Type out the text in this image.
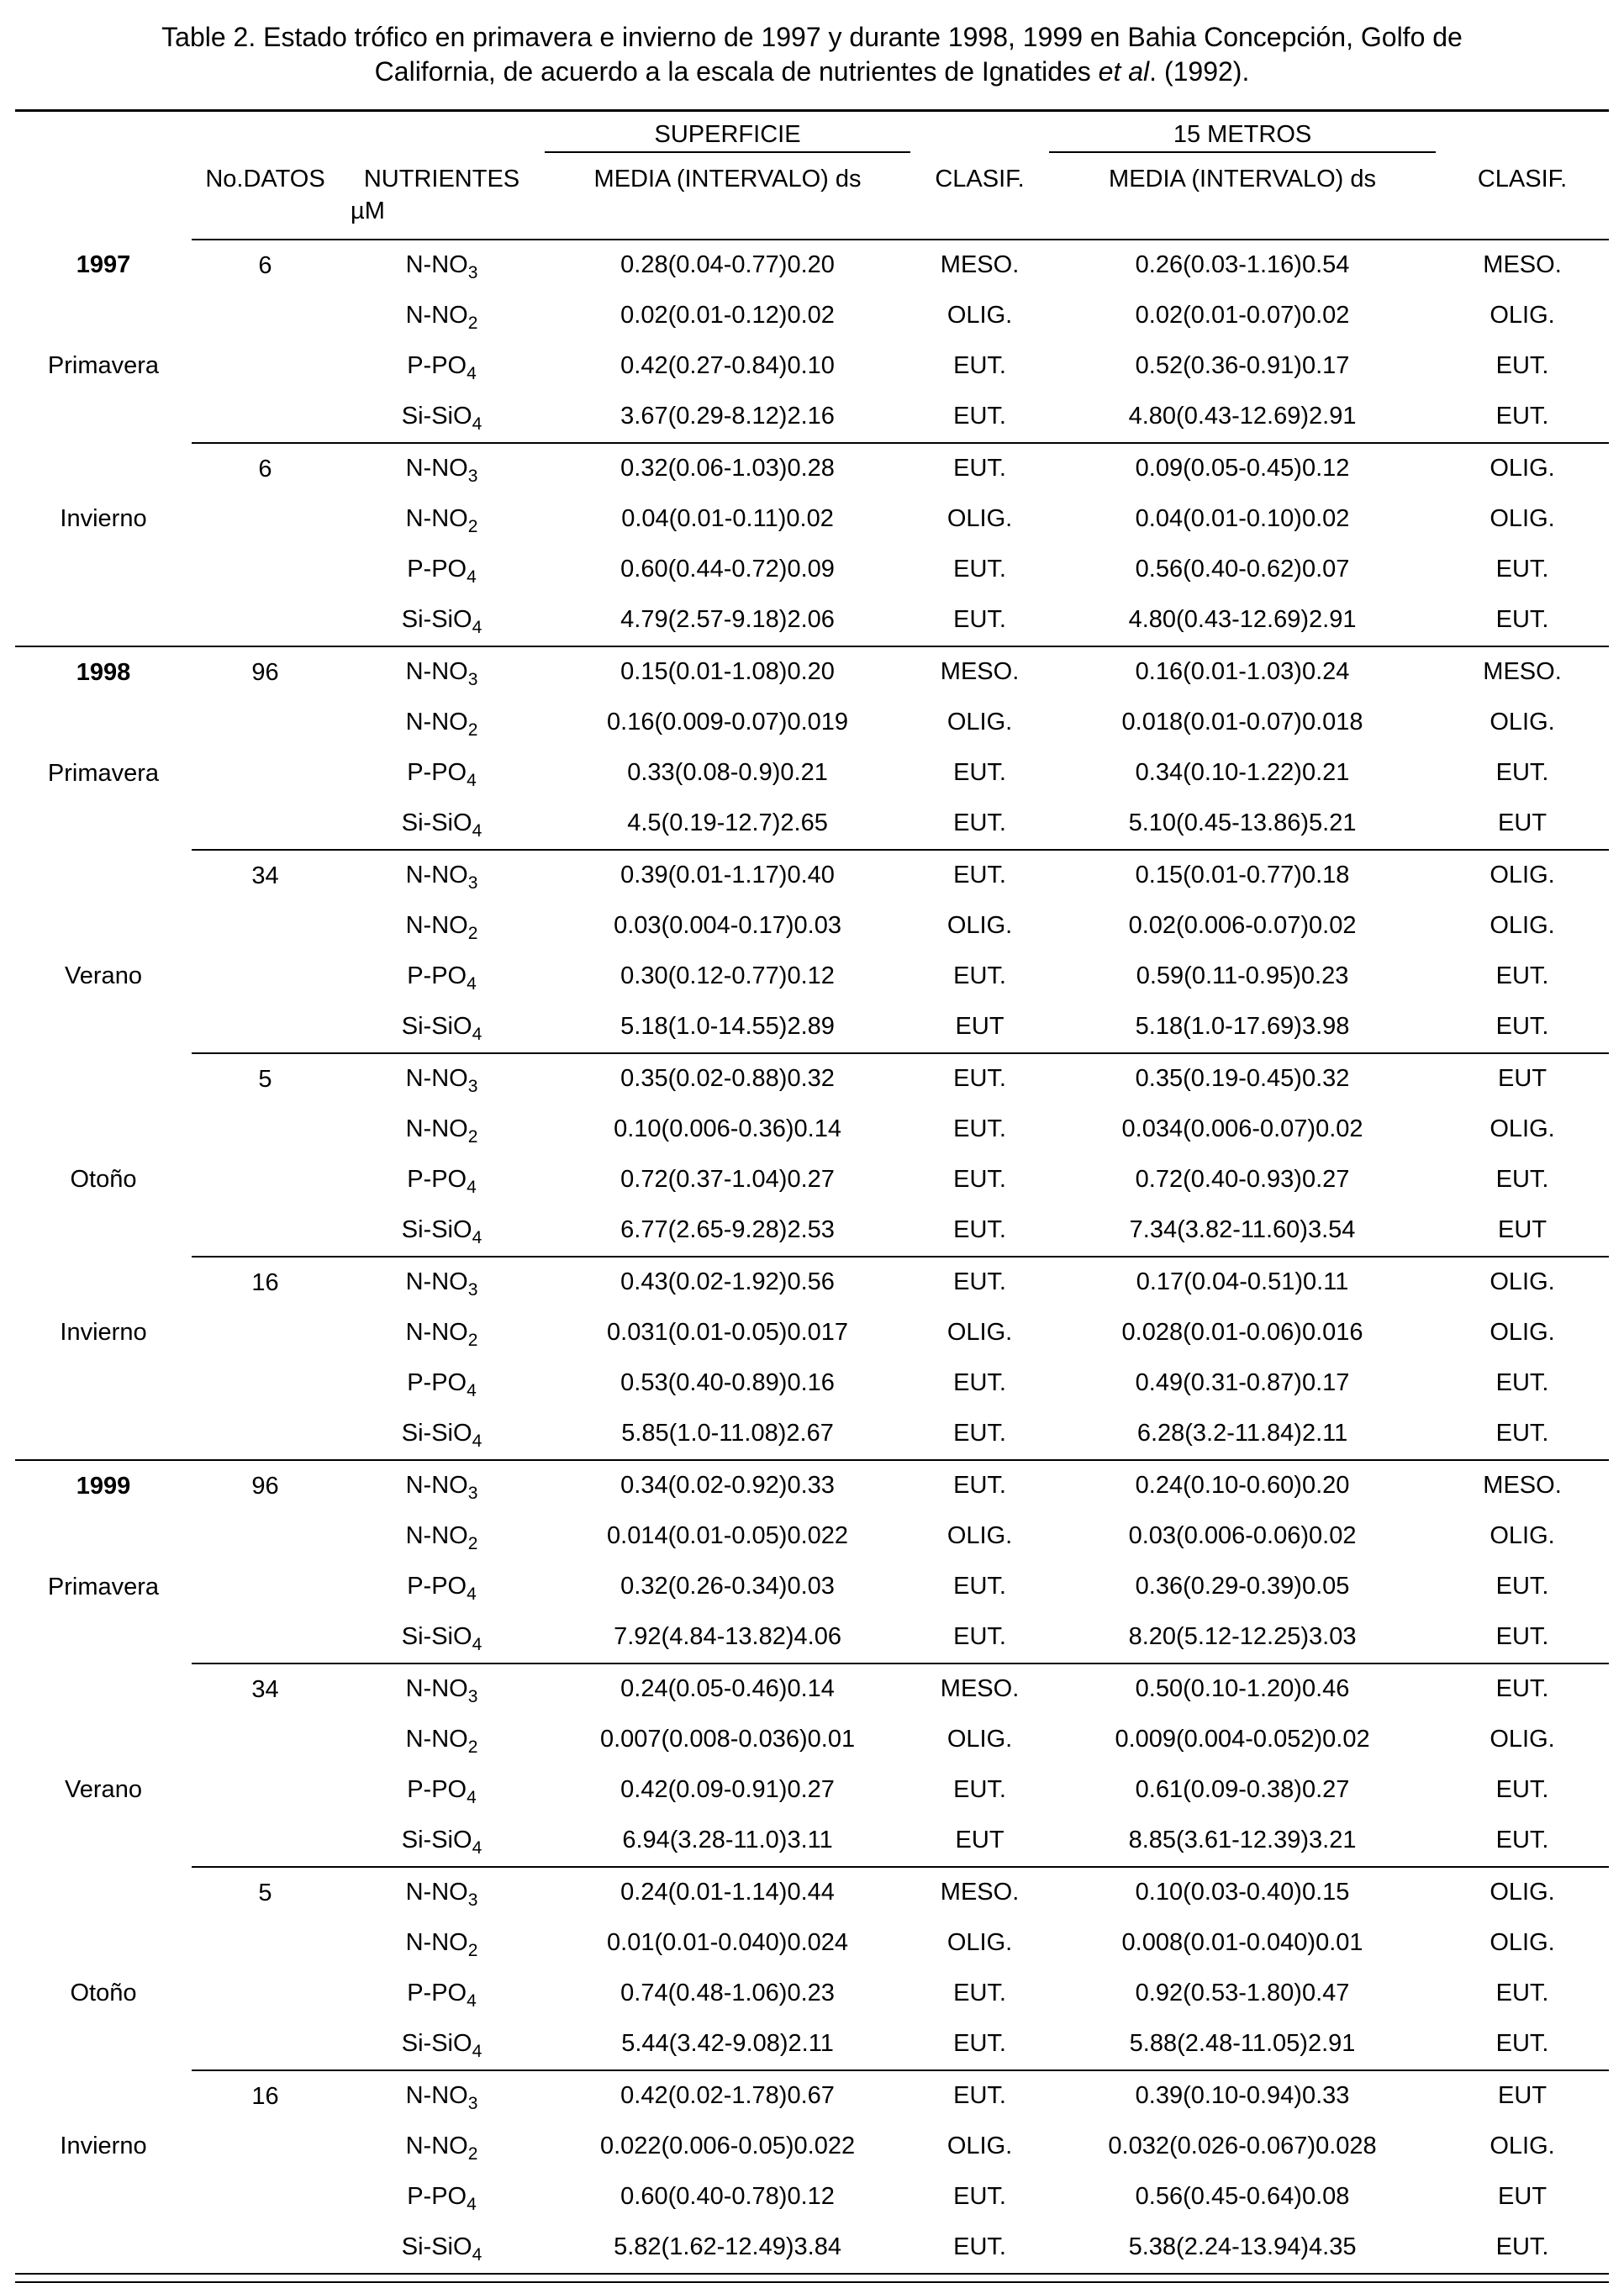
Table 2. Estado trófico en primavera e invierno de 1997 y durante 1998, 1999 en Bahia Concepción, Golfo de
California, de acuerdo a la escala de nutrientes de Ignatides et al. (1992).
			SUPERFICIE		15 METROS	
	No.DATOS	NUTRIENTES	MEDIA (INTERVALO) ds	CLASIF.	MEDIA (INTERVALO) ds	CLASIF.
		µM				

1997
Primavera	6	$N-NO_3$	0.28(0.04-0.77)0.20	MESO.	0.26(0.03-1.16)0.54	MESO.
		$N-NO_2$	0.02(0.01-0.12)0.02	OLIG.	0.02(0.01-0.07)0.02	OLIG.
		$P-PO_4$	0.42(0.27-0.84)0.10	EUT.	0.52(0.36-0.91)0.17	EUT.
		Si-SiO$_4$	3.67(0.29-8.12)2.16	EUT.	4.80(0.43-12.69)2.91	EUT.

Invierno	6	$N-NO_3$	0.32(0.06-1.03)0.28	EUT.	0.09(0.05-0.45)0.12	OLIG.
		$N-NO_2$	0.04(0.01-0.11)0.02	OLIG.	0.04(0.01-0.10)0.02	OLIG.
		$P-PO_4$	0.60(0.44-0.72)0.09	EUT.	0.56(0.40-0.62)0.07	EUT.
		Si-SiO$_4$	4.79(2.57-9.18)2.06	EUT.	4.80(0.43-12.69)2.91	EUT.

1998
Primavera	96	$N-NO_3$	0.15(0.01-1.08)0.20	MESO.	0.16(0.01-1.03)0.24	MESO.
		$N-NO_2$	0.16(0.009-0.07)0.019	OLIG.	0.018(0.01-0.07)0.018	OLIG.
		$P-PO_4$	0.33(0.08-0.9)0.21	EUT.	0.34(0.10-1.22)0.21	EUT.
		Si-SiO$_4$	4.5(0.19-12.7)2.65	EUT.	5.10(0.45-13.86)5.21	EUT

Verano	34	$N-NO_3$	0.39(0.01-1.17)0.40	EUT.	0.15(0.01-0.77)0.18	OLIG.
		$N-NO_2$	0.03(0.004-0.17)0.03	OLIG.	0.02(0.006-0.07)0.02	OLIG.
		$P-PO_4$	0.30(0.12-0.77)0.12	EUT.	0.59(0.11-0.95)0.23	EUT.
		Si-SiO$_4$	5.18(1.0-14.55)2.89	EUT	5.18(1.0-17.69)3.98	EUT.

Otoño	5	$N-NO_3$	0.35(0.02-0.88)0.32	EUT.	0.35(0.19-0.45)0.32	EUT
		$N-NO_2$	0.10(0.006-0.36)0.14	EUT.	0.034(0.006-0.07)0.02	OLIG.
		$P-PO_4$	0.72(0.37-1.04)0.27	EUT.	0.72(0.40-0.93)0.27	EUT.
		Si-SiO$_4$	6.77(2.65-9.28)2.53	EUT.	7.34(3.82-11.60)3.54	EUT

Invierno	16	$N-NO_3$	0.43(0.02-1.92)0.56	EUT.	0.17(0.04-0.51)0.11	OLIG.
		$N-NO_2$	0.031(0.01-0.05)0.017	OLIG.	0.028(0.01-0.06)0.016	OLIG.
		$P-PO_4$	0.53(0.40-0.89)0.16	EUT.	0.49(0.31-0.87)0.17	EUT.
		Si-SiO$_4$	5.85(1.0-11.08)2.67	EUT.	6.28(3.2-11.84)2.11	EUT.

1999
Primavera	96	$N-NO_3$	0.34(0.02-0.92)0.33	EUT.	0.24(0.10-0.60)0.20	MESO.
		$N-NO_2$	0.014(0.01-0.05)0.022	OLIG.	0.03(0.006-0.06)0.02	OLIG.
		$P-PO_4$	0.32(0.26-0.34)0.03	EUT.	0.36(0.29-0.39)0.05	EUT.
		Si-SiO$_4$	7.92(4.84-13.82)4.06	EUT.	8.20(5.12-12.25)3.03	EUT.

Verano	34	$N-NO_3$	0.24(0.05-0.46)0.14	MESO.	0.50(0.10-1.20)0.46	EUT.
		$N-NO_2$	0.007(0.008-0.036)0.01	OLIG.	0.009(0.004-0.052)0.02	OLIG.
		$P-PO_4$	0.42(0.09-0.91)0.27	EUT.	0.61(0.09-0.38)0.27	EUT.
		Si-SiO$_4$	6.94(3.28-11.0)3.11	EUT	8.85(3.61-12.39)3.21	EUT.

Otoño	5	$N-NO_3$	0.24(0.01-1.14)0.44	MESO.	0.10(0.03-0.40)0.15	OLIG.
		$N-NO_2$	0.01(0.01-0.040)0.024	OLIG.	0.008(0.01-0.040)0.01	OLIG.
		$P-PO_4$	0.74(0.48-1.06)0.23	EUT.	0.92(0.53-1.80)0.47	EUT.
		Si-SiO$_4$	5.44(3.42-9.08)2.11	EUT.	5.88(2.48-11.05)2.91	EUT.

Invierno	16	$N-NO_3$	0.42(0.02-1.78)0.67	EUT.	0.39(0.10-0.94)0.33	EUT
		$N-NO_2$	0.022(0.006-0.05)0.022	OLIG.	0.032(0.026-0.067)0.028	OLIG.
		$P-PO_4$	0.60(0.40-0.78)0.12	EUT.	0.56(0.45-0.64)0.08	EUT
		Si-SiO$_4$	5.82(1.62-12.49)3.84	EUT.	5.38(2.24-13.94)4.35	EUT.
